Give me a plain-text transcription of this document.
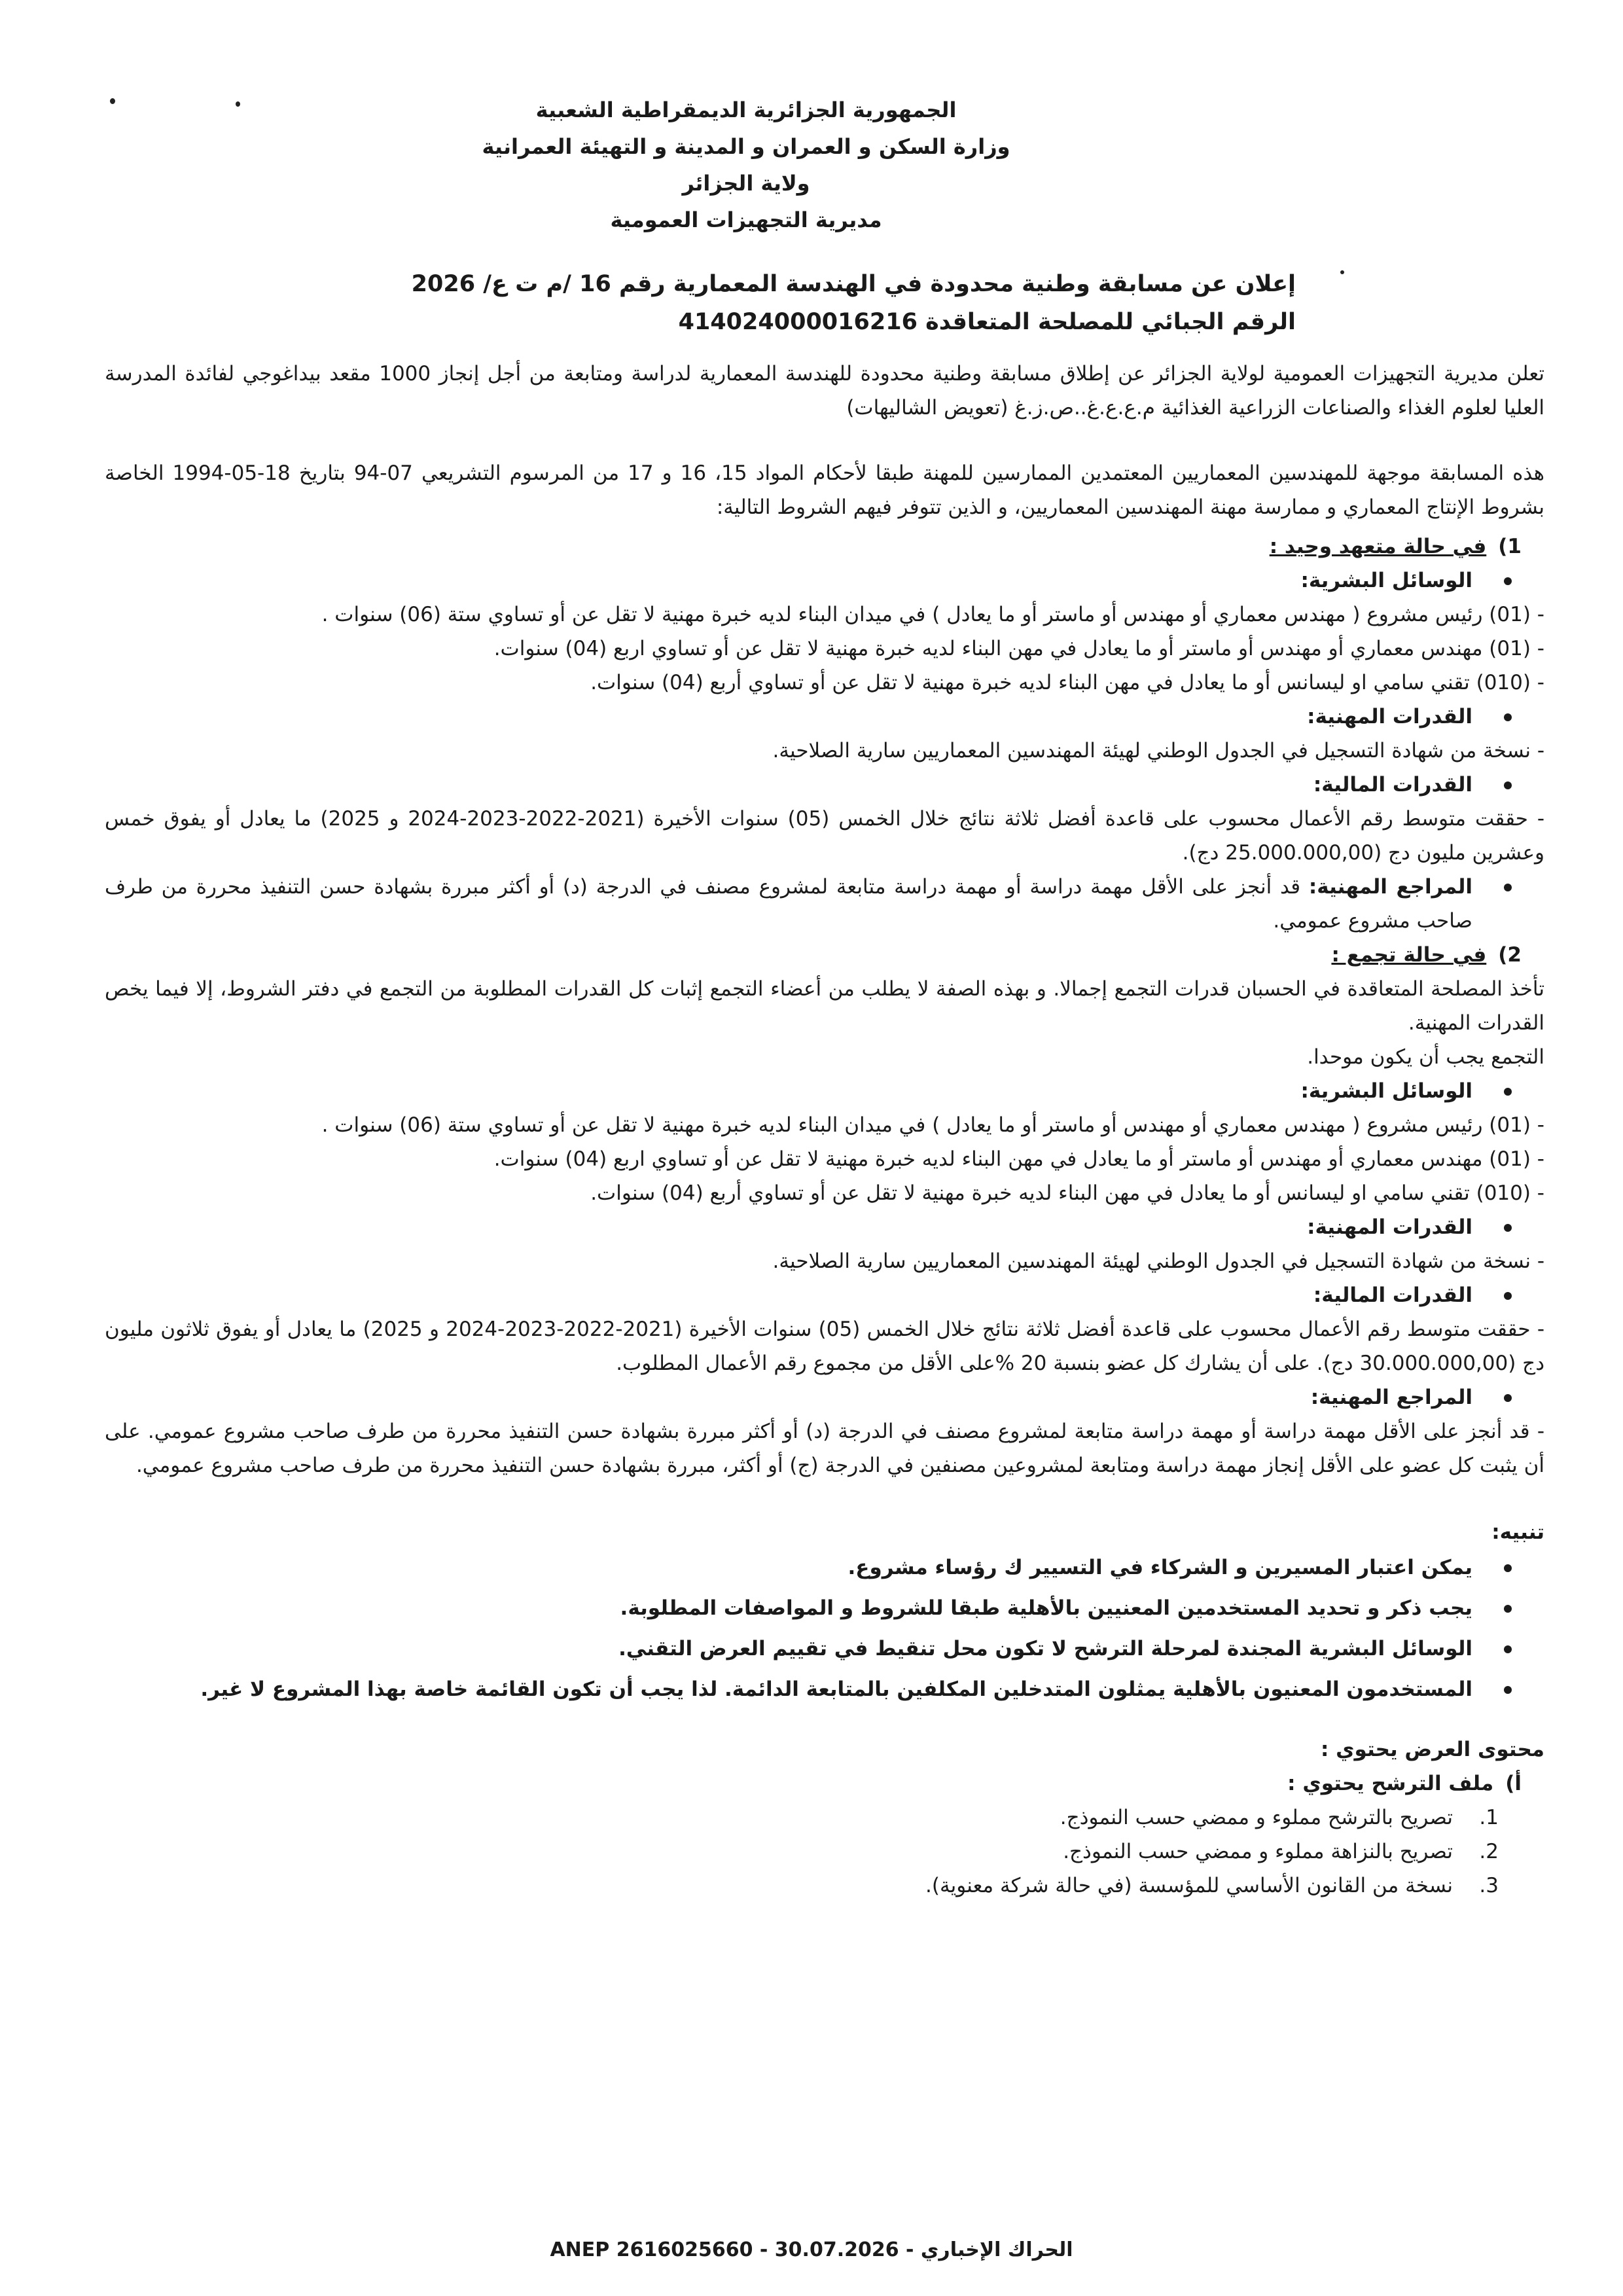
الجمهورية الجزائرية الديمقراطية الشعبية
وزارة السكن و العمران و المدينة و التهيئة العمرانية
ولاية الجزائر
مديرية التجهيزات العمومية
إعلان عن مسابقة وطنية محدودة في الهندسة المعمارية رقم 16 /م ت ع/ 2026
الرقم الجبائي للمصلحة المتعاقدة 414024000016216

تعلن مديرية التجهيزات العمومية لولاية الجزائر عن إطلاق مسابقة وطنية محدودة للهندسة المعمارية لدراسة ومتابعة من أجل إنجاز 1000 مقعد بيداغوجي لفائدة المدرسة العليا لعلوم الغذاء والصناعات الزراعية الغذائية م.ع.ع.غ..ص.ز.غ (تعويض الشاليهات)

هذه المسابقة موجهة للمهندسين المعماريين المعتمدين الممارسين للمهنة طبقا لأحكام المواد 15، 16 و 17 من المرسوم التشريعي 07-94 بتاريخ 18-05-1994 الخاصة بشروط الإنتاج المعماري و ممارسة مهنة المهندسين المعماريين، و الذين تتوفر فيهم الشروط التالية:

1)في حالة متعهد وحيد :
الوسائل البشرية:
- (01) رئيس مشروع ( مهندس معماري أو مهندس أو ماستر أو ما يعادل ) في ميدان البناء لديه خبرة مهنية لا تقل عن أو تساوي ستة (06) سنوات .
- (01) مهندس معماري أو مهندس أو ماستر أو ما يعادل في مهن البناء لديه خبرة مهنية لا تقل عن أو تساوي اربع (04) سنوات.
- (010) تقني سامي او ليسانس أو ما يعادل في مهن البناء لديه خبرة مهنية لا تقل عن أو تساوي أربع (04) سنوات.
القدرات المهنية:
- نسخة من شهادة التسجيل في الجدول الوطني لهيئة المهندسين المعماريين سارية الصلاحية.
القدرات المالية:
- حققت متوسط رقم الأعمال محسوب على قاعدة أفضل ثلاثة نتائج خلال الخمس (05) سنوات الأخيرة (2021-2022-2023-2024 و 2025) ما يعادل أو يفوق خمس وعشرين مليون دج (25.000.000,00 دج).
المراجع المهنية: قد أنجز على الأقل مهمة دراسة أو مهمة دراسة متابعة لمشروع مصنف في الدرجة (د) أو أكثر مبررة بشهادة حسن التنفيذ محررة من طرف صاحب مشروع عمومي.
2)في حالة تجمع :
تأخذ المصلحة المتعاقدة في الحسبان قدرات التجمع إجمالا. و بهذه الصفة لا يطلب من أعضاء التجمع إثبات كل القدرات المطلوبة من التجمع في دفتر الشروط، إلا فيما يخص القدرات المهنية.
التجمع يجب أن يكون موحدا.
الوسائل البشرية:
- (01) رئيس مشروع ( مهندس معماري أو مهندس أو ماستر أو ما يعادل ) في ميدان البناء لديه خبرة مهنية لا تقل عن أو تساوي ستة (06) سنوات .
- (01) مهندس معماري أو مهندس أو ماستر أو ما يعادل في مهن البناء لديه خبرة مهنية لا تقل عن أو تساوي اربع (04) سنوات.
- (010) تقني سامي او ليسانس أو ما يعادل في مهن البناء لديه خبرة مهنية لا تقل عن أو تساوي أربع (04) سنوات.
القدرات المهنية:
- نسخة من شهادة التسجيل في الجدول الوطني لهيئة المهندسين المعماريين سارية الصلاحية.
القدرات المالية:
- حققت متوسط رقم الأعمال محسوب على قاعدة أفضل ثلاثة نتائج خلال الخمس (05) سنوات الأخيرة (2021-2022-2023-2024 و 2025) ما يعادل أو يفوق ثلاثون مليون دج (30.000.000,00 دج). على أن يشارك كل عضو بنسبة 20 %على الأقل من مجموع رقم الأعمال المطلوب.
المراجع المهنية:
- قد أنجز على الأقل مهمة دراسة أو مهمة دراسة متابعة لمشروع مصنف في الدرجة (د) أو أكثر مبررة بشهادة حسن التنفيذ محررة من طرف صاحب مشروع عمومي. على أن يثبت كل عضو على الأقل إنجاز مهمة دراسة ومتابعة لمشروعين مصنفين في الدرجة (ج) أو أكثر، مبررة بشهادة حسن التنفيذ محررة من طرف صاحب مشروع عمومي.
تنبيه:
يمكن اعتبار المسيرين و الشركاء في التسيير ك رؤساء مشروع.
يجب ذكر و تحديد المستخدمين المعنيين بالأهلية طبقا للشروط و المواصفات المطلوبة.
الوسائل البشرية المجندة لمرحلة الترشح لا تكون محل تنقيط في تقييم العرض التقني.
المستخدمون المعنيون بالأهلية يمثلون المتدخلين المكلفين بالمتابعة الدائمة. لذا يجب أن تكون القائمة خاصة بهذا المشروع لا غير.
محتوى العرض يحتوي :
أ)ملف الترشح يحتوي :
1.
تصريح بالترشح مملوء و ممضي حسب النموذج.
2.
تصريح بالنزاهة مملوء و ممضي حسب النموذج.
3.
نسخة من القانون الأساسي للمؤسسة (في حالة شركة معنوية).
الحراك الإخباري - ANEP 2616025660 - 30.07.2026
